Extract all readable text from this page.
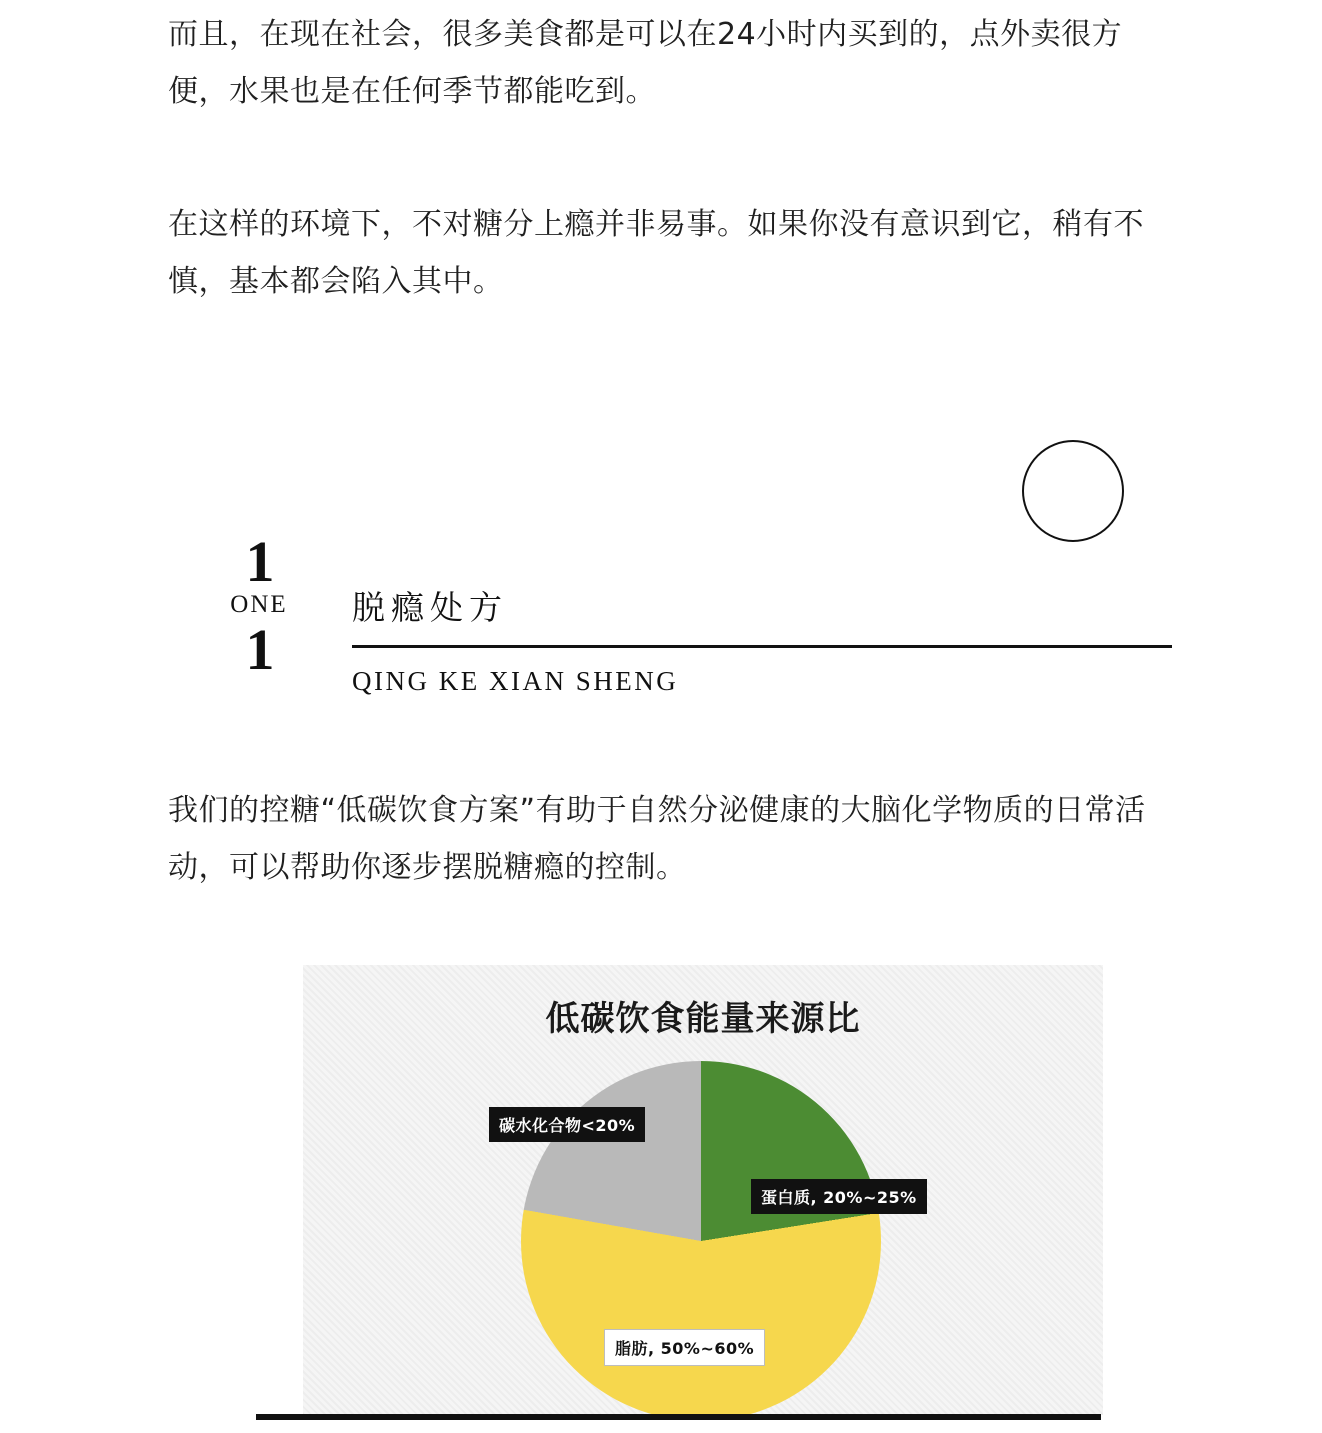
而且，在现在社会，很多美食都是可以在24小时内买到的，点外卖很方便，水果也是在任何季节都能吃到。
在这样的环境下，不对糖分上瘾并非易事。如果你没有意识到它，稍有不慎，基本都会陷入其中。
1
ONE
1
脱瘾处方
QING KE XIAN SHENG
我们的控糖“低碳饮食方案”有助于自然分泌健康的大脑化学物质的日常活动，可以帮助你逐步摆脱糖瘾的控制。
低碳饮食能量来源比
碳水化合物<20%
蛋白质, 20%~25%
脂肪, 50%~60%
